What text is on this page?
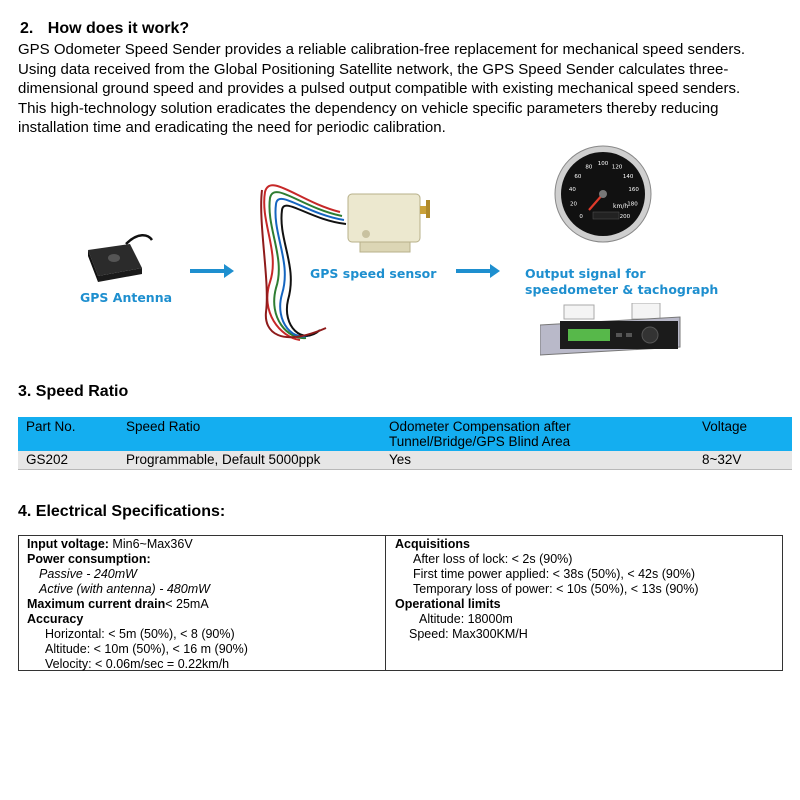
2. How does it work?

GPS Odometer Speed Sender provides a reliable calibration-free replacement for mechanical speed senders.

Using data received from the Global Positioning Satellite network, the GPS Speed Sender calculates three-dimensional ground speed and provides a pulsed output compatible with existing mechanical speed senders.

This high-technology solution eradicates the dependency on vehicle specific parameters thereby reducing installation time and eradicating the need for periodic calibration.

GPS Antenna
GPS speed sensor
0
20
40
60
80
100
120
140
160
180
200
km/h
Output signal for
speedometer & tachograph
3. Speed Ratio
Part No.	Speed Ratio	Odometer Compensation after Tunnel/Bridge/GPS Blind Area	Voltage
GS202	Programmable, Default 5000ppk	Yes	8~32V
4. Electrical Specifications:
Input voltage: Min6~Max36V
Power consumption:
Passive - 240mW
Active (with antenna) - 480mW
Maximum current drain< 25mA
Accuracy
Horizontal: < 5m (50%), < 8 (90%)
Altitude: < 10m (50%), < 16 m (90%)
Velocity: < 0.06m/sec = 0.22km/h
Acquisitions
After loss of lock: < 2s (90%)
First time power applied: < 38s (50%), < 42s (90%)
Temporary loss of power: < 10s (50%), < 13s (90%)
Operational limits
Altitude: 18000m
Speed: Max300KM/H
